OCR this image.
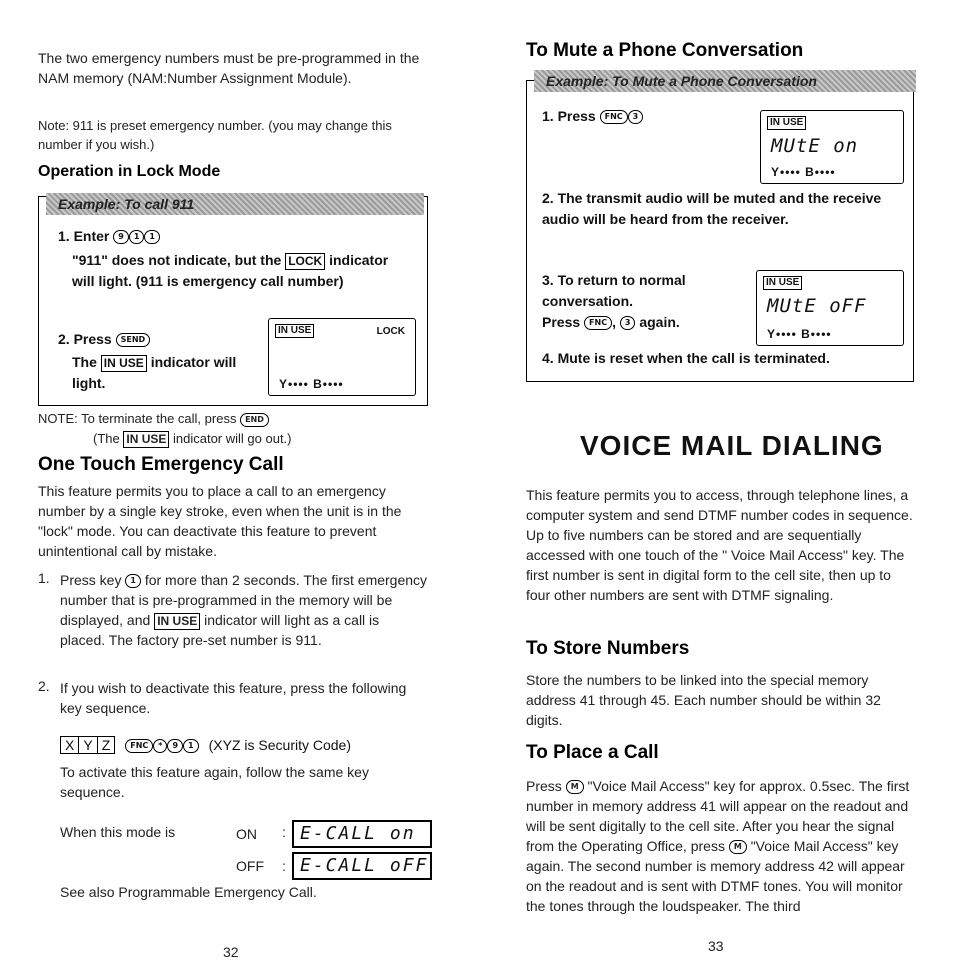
The two emergency numbers must be pre-programmed in the NAM memory (NAM:Number Assignment Module).
Note: 911 is preset emergency number. (you may change this number if you wish.)
Operation in Lock Mode
Example: To call 911
1. Enter 9 1 1
"911" does not indicate, but the LOCK indicator will light. (911 is emergency call number)
2. Press SEND
The IN USE indicator will light.
IN USE	LOCK
Y•••• B••••
NOTE: To terminate the call, press END
(The IN USE indicator will go out.)
One Touch Emergency Call
This feature permits you to place a call to an emergency number by a single key stroke, even when the unit is in the "lock" mode. You can deactivate this feature to prevent unintentional call by mistake.
1. Press key 1 for more than 2 seconds. The first emergency number that is pre-programmed in the memory will be displayed, and IN USE indicator will light as a call is placed. The factory pre-set number is 911.
2. If you wish to deactivate this feature, press the following key sequence.
X Y Z	FNC * 9 1	(XYZ is Security Code)
To activate this feature again, follow the same key sequence.
When this mode is	ON : E-CALL on
OFF : E-CALL oFF
See also Programmable Emergency Call.
32
To Mute a Phone Conversation
Example: To Mute a Phone Conversation
1. Press FNC 3
IN USE
MUtE on
Y•••• B••••
2. The transmit audio will be muted and the receive audio will be heard from the receiver.
3. To return to normal conversation.
Press FNC , 3 again.
IN USE
MUtE oFF
Y•••• B••••
4. Mute is reset when the call is terminated.
VOICE MAIL DIALING
This feature permits you to access, through telephone lines, a computer system and send DTMF number codes in sequence. Up to five numbers can be stored and are sequentially accessed with one touch of the " Voice Mail Access" key. The first number is sent in digital form to the cell site, then up to four other numbers are sent with DTMF signaling.
To Store Numbers
Store the numbers to be linked into the special memory address 41 through 45. Each number should be within 32 digits.
To Place a Call
Press M "Voice Mail Access" key for approx. 0.5sec. The first number in memory address 41 will appear on the readout and will be sent digitally to the cell site. After you hear the signal from the Operating Office, press M "Voice Mail Access" key again. The second number is memory address 42 will appear on the readout and is sent with DTMF tones. You will monitor the tones through the loudspeaker. The third
33
